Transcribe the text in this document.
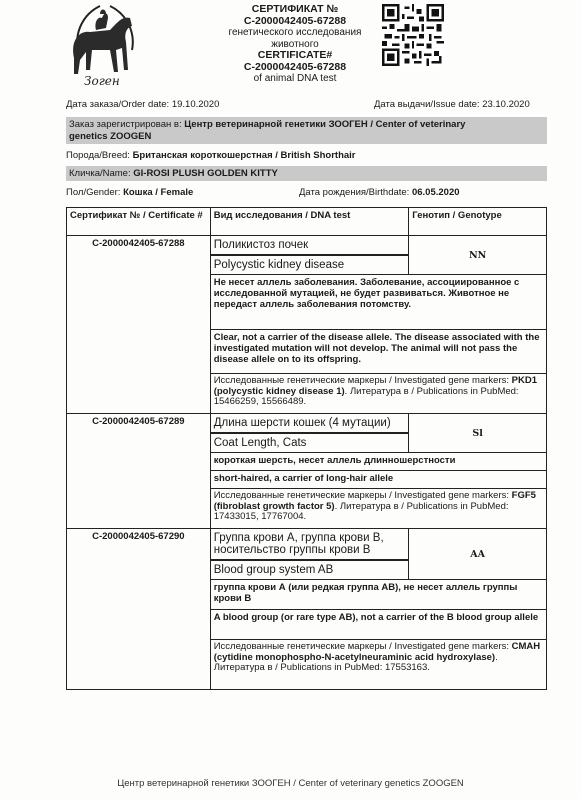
Зоген
СЕРТИФИКАТ №
C-2000042405-67288
генетического исследования
животного
CERTIFICATE#
C-2000042405-67288
of animal DNA test
Дата заказа/Order date: 19.10.2020	Дата выдачи/Issue date: 23.10.2020
Заказ зарегистрирован в: Центр ветеринарной генетики ЗООГЕН / Center of veterinary
genetics ZOOGEN
Порода/Breed: Британская короткошерстная / British Shorthair
Кличка/Name: GI-ROSI PLUSH GOLDEN KITTY
Пол/Gender: Кошка / Female	Дата рождения/Birthdate: 06.05.2020
Сертификат № / Certificate #	Вид исследования / DNA test	Генотип / Genotype
C-2000042405-67288	Поликистоз почек	NN

	Polycystic kidney disease	

	Не несет аллель заболевания. Заболевание, ассоциированное с исследованной мутацией, не будет развиваться. Животное не передаст аллель заболевания потомству.	
	Clear, not a carrier of the disease allele. The disease associated with the investigated mutation will not develop. The animal will not pass the disease allele on to its offspring.	
	Исследованные генетические маркеры / Investigated gene markers: PKD1 (polycystic kidney disease 1). Литература в / Publications in PubMed: 15466259, 15566489.	
C-2000042405-67289	Длина шерсти кошек (4 мутации)	Sl

	Coat Length, Cats	

	короткая шерсть, несет аллель длинношерстности	
	short-haired, a carrier of long-hair allele	
	Исследованные генетические маркеры / Investigated gene markers: FGF5 (fibroblast growth factor 5). Литература в / Publications in PubMed: 17433015, 17767004.	
C-2000042405-67290	Группа крови А, группа крови В, носительство группы крови В	AA

	Blood group system AB	

	группа крови А (или редкая группа АВ), не несет аллель группы крови В	
	A blood group (or rare type AB), not a carrier of the B blood group allele	
	Исследованные генетические маркеры / Investigated gene markers: CMAH (cytidine monophospho-N-acetylneuraminic acid hydroxylase). Литература в / Publications in PubMed: 17553163.	
Центр ветеринарной генетики ЗООГЕН / Center of veterinary genetics ZOOGEN
